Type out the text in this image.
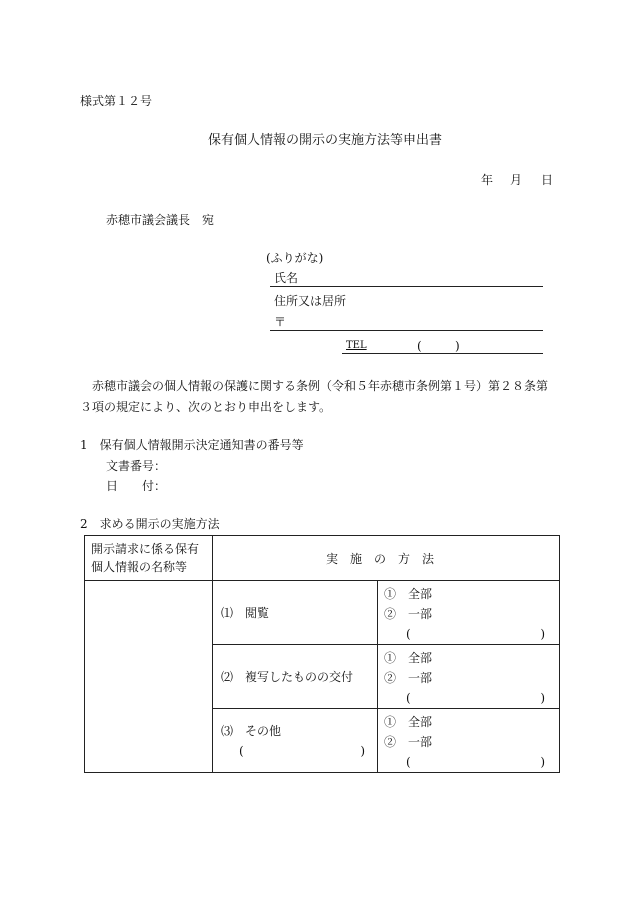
様式第１２号
保有個人情報の開示の実施方法等申出書
年 月 日
赤穂市議会議長　宛
(ふりがな)
氏名
住所又は居所
〒
TEL	(	)
赤穂市議会の個人情報の保護に関する条例（令和５年赤穂市条例第１号）第２８条第
３項の規定により、次のとおり申出をします。
1　保有個人情報開示決定通知書の番号等
文書番号：
日　　付：
2　求める開示の実施方法
開示請求に係る保有
個人情報の名称等	実施の方法	
	⑴　閲覧	①　全部
②　一部
( )

	⑵　複写したものの交付	①　全部
②　一部
( )

	⑶　その他
( )	①　全部
②　一部
( )
